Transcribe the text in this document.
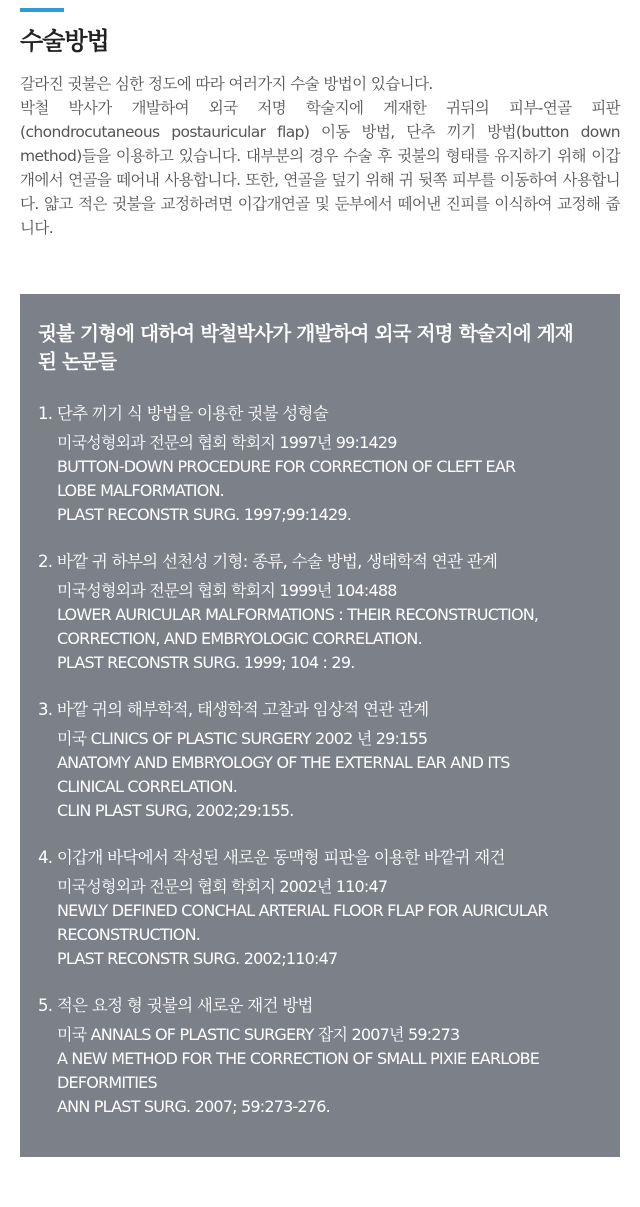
수술방법

갈라진 귓불은 심한 정도에 따라 여러가지 수술 방법이 있습니다.

박철 박사가 개발하여 외국 저명 학술지에 게재한 귀뒤의 피부-연골 피판(chondrocutaneous postauricular flap) 이동 방법, 단추 끼기 방법(button down method)들을 이용하고 있습니다. 대부분의 경우 수술 후 귓불의 형태를 유지하기 위해 이갑개에서 연골을 떼어내 사용합니다. 또한, 연골을 덮기 위해 귀 뒷쪽 피부를 이동하여 사용합니다. 얇고 적은 귓불을 교정하려면 이갑개연골 및 둔부에서 떼어낸 진피를 이식하여 교정해 줍니다.

귓불 기형에 대하여 박철박사가 개발하여 외국 저명 학술지에 게재된 논문들
1. 단추 끼기 식 방법을 이용한 귓불 성형술
미국성형외과 전문의 협회 학회지 1997년 99:1429
BUTTON-DOWN PROCEDURE FOR CORRECTION OF CLEFT EAR
LOBE MALFORMATION.
PLAST RECONSTR SURG. 1997;99:1429.
2. 바깥 귀 하부의 선천성 기형: 종류, 수술 방법, 생태학적 연관 관계
미국성형외과 전문의 협회 학회지 1999년 104:488
LOWER AURICULAR MALFORMATIONS : THEIR RECONSTRUCTION,
CORRECTION, AND EMBRYOLOGIC CORRELATION.
PLAST RECONSTR SURG. 1999; 104 : 29.
3. 바깥 귀의 해부학적, 태생학적 고찰과 임상적 연관 관계
미국 CLINICS OF PLASTIC SURGERY 2002 년 29:155
ANATOMY AND EMBRYOLOGY OF THE EXTERNAL EAR AND ITS
CLINICAL CORRELATION.
CLIN PLAST SURG, 2002;29:155.
4. 이갑개 바닥에서 작성된 새로운 동맥형 피판을 이용한 바깥귀 재건
미국성형외과 전문의 협회 학회지 2002년 110:47
NEWLY DEFINED CONCHAL ARTERIAL FLOOR FLAP FOR AURICULAR
RECONSTRUCTION.
PLAST RECONSTR SURG. 2002;110:47
5. 적은 요정 형 귓불의 새로운 재건 방법
미국 ANNALS OF PLASTIC SURGERY 잡지 2007년 59:273
A NEW METHOD FOR THE CORRECTION OF SMALL PIXIE EARLOBE
DEFORMITIES
ANN PLAST SURG. 2007; 59:273-276.
